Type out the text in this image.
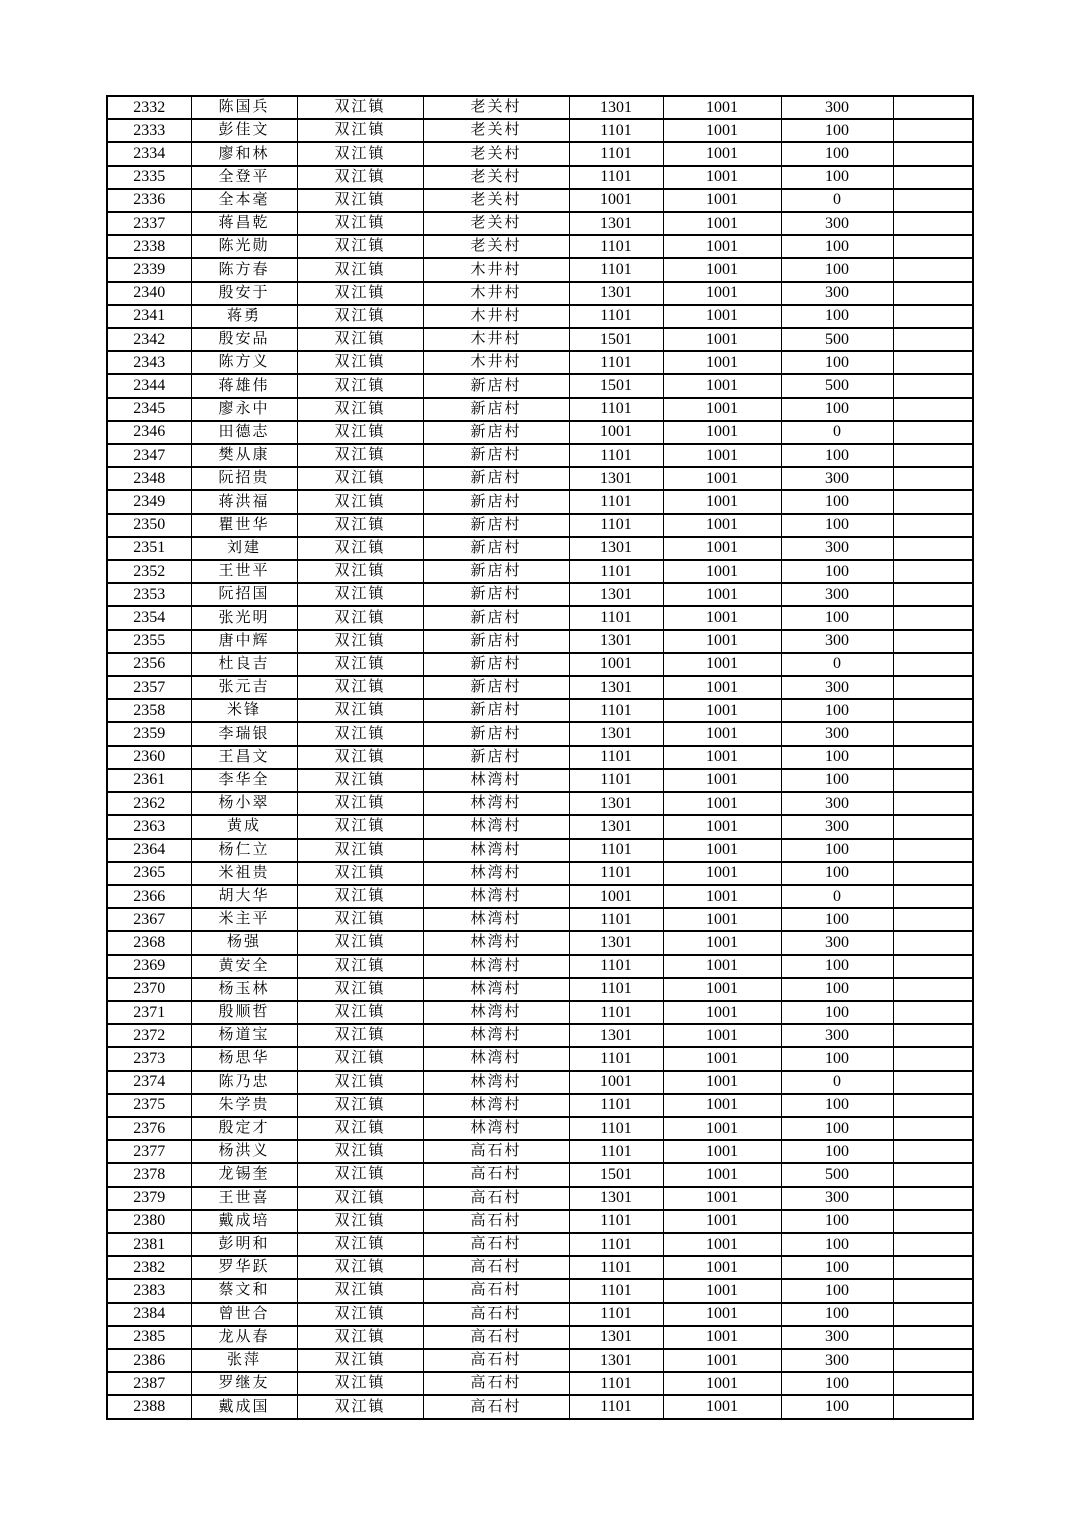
2332	陈国兵	双江镇	老关村	1301	1001	300	
2333	彭佳文	双江镇	老关村	1101	1001	100	
2334	廖和林	双江镇	老关村	1101	1001	100	
2335	全登平	双江镇	老关村	1101	1001	100	
2336	全本毫	双江镇	老关村	1001	1001	0	
2337	蒋昌乾	双江镇	老关村	1301	1001	300	
2338	陈光勋	双江镇	老关村	1101	1001	100	
2339	陈方春	双江镇	木井村	1101	1001	100	
2340	殷安于	双江镇	木井村	1301	1001	300	
2341	蒋勇	双江镇	木井村	1101	1001	100	
2342	殷安品	双江镇	木井村	1501	1001	500	
2343	陈方义	双江镇	木井村	1101	1001	100	
2344	蒋雄伟	双江镇	新店村	1501	1001	500	
2345	廖永中	双江镇	新店村	1101	1001	100	
2346	田德志	双江镇	新店村	1001	1001	0	
2347	樊从康	双江镇	新店村	1101	1001	100	
2348	阮招贵	双江镇	新店村	1301	1001	300	
2349	蒋洪福	双江镇	新店村	1101	1001	100	
2350	瞿世华	双江镇	新店村	1101	1001	100	
2351	刘建	双江镇	新店村	1301	1001	300	
2352	王世平	双江镇	新店村	1101	1001	100	
2353	阮招国	双江镇	新店村	1301	1001	300	
2354	张光明	双江镇	新店村	1101	1001	100	
2355	唐中辉	双江镇	新店村	1301	1001	300	
2356	杜良吉	双江镇	新店村	1001	1001	0	
2357	张元吉	双江镇	新店村	1301	1001	300	
2358	米锋	双江镇	新店村	1101	1001	100	
2359	李瑞银	双江镇	新店村	1301	1001	300	
2360	王昌文	双江镇	新店村	1101	1001	100	
2361	李华全	双江镇	林湾村	1101	1001	100	
2362	杨小翠	双江镇	林湾村	1301	1001	300	
2363	黄成	双江镇	林湾村	1301	1001	300	
2364	杨仁立	双江镇	林湾村	1101	1001	100	
2365	米祖贵	双江镇	林湾村	1101	1001	100	
2366	胡大华	双江镇	林湾村	1001	1001	0	
2367	米主平	双江镇	林湾村	1101	1001	100	
2368	杨强	双江镇	林湾村	1301	1001	300	
2369	黄安全	双江镇	林湾村	1101	1001	100	
2370	杨玉林	双江镇	林湾村	1101	1001	100	
2371	殷顺哲	双江镇	林湾村	1101	1001	100	
2372	杨道宝	双江镇	林湾村	1301	1001	300	
2373	杨思华	双江镇	林湾村	1101	1001	100	
2374	陈乃忠	双江镇	林湾村	1001	1001	0	
2375	朱学贵	双江镇	林湾村	1101	1001	100	
2376	殷定才	双江镇	林湾村	1101	1001	100	
2377	杨洪义	双江镇	高石村	1101	1001	100	
2378	龙锡奎	双江镇	高石村	1501	1001	500	
2379	王世喜	双江镇	高石村	1301	1001	300	
2380	戴成培	双江镇	高石村	1101	1001	100	
2381	彭明和	双江镇	高石村	1101	1001	100	
2382	罗华跃	双江镇	高石村	1101	1001	100	
2383	蔡文和	双江镇	高石村	1101	1001	100	
2384	曾世合	双江镇	高石村	1101	1001	100	
2385	龙从春	双江镇	高石村	1301	1001	300	
2386	张萍	双江镇	高石村	1301	1001	300	
2387	罗继友	双江镇	高石村	1101	1001	100	
2388	戴成国	双江镇	高石村	1101	1001	100	
